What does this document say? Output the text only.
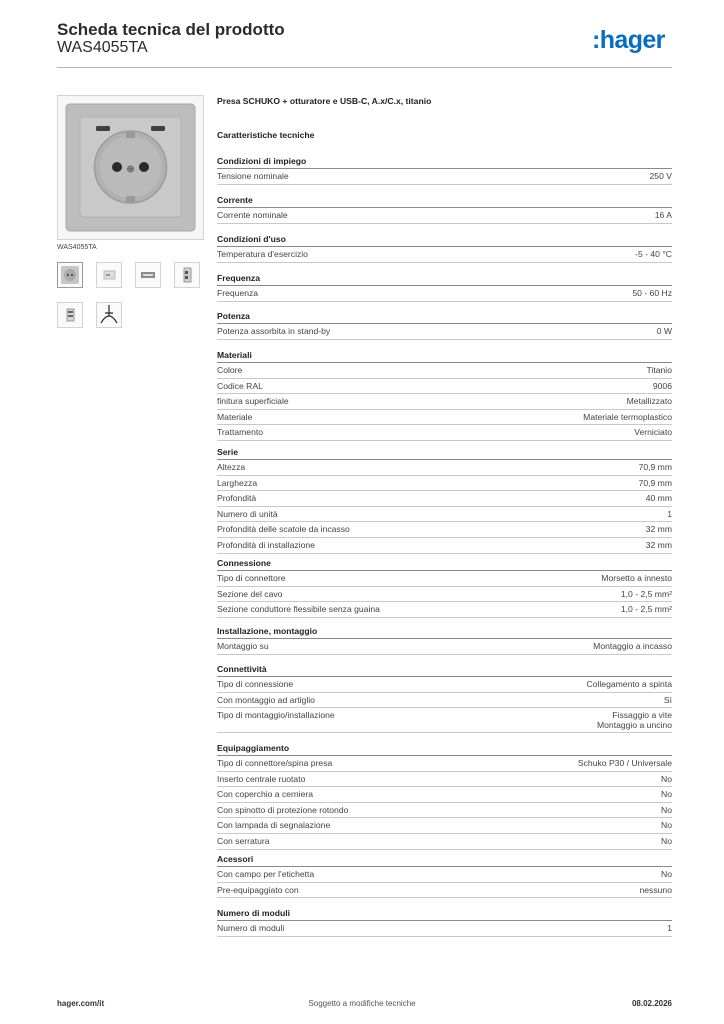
Scheda tecnica del prodotto
WAS4055TA	:hager
WAS4055TA
Presa SCHUKO + otturatore e USB-C, A.x/C.x, titanio
Caratteristiche tecniche
Condizioni di impiego
Tensione nominale	250 V
Corrente
Corrente nominale	16 A
Condizioni d'uso
Temperatura d'esercizio	-5 - 40 °C
Frequenza
Frequenza	50 - 60 Hz
Potenza
Potenza assorbita in stand-by	0 W
Materiali
Colore	Titanio
Codice RAL	9006
finitura superficiale	Metallizzato
Materiale	Materiale termoplastico
Trattamento	Verniciato
Serie
Altezza	70,9 mm
Larghezza	70,9 mm
Profondità	40 mm
Numero di unità	1
Profondità delle scatole da incasso	32 mm
Profondità di installazione	32 mm
Connessione
Tipo di connettore	Morsetto a innesto
Sezione del cavo	1,0 - 2,5 mm²
Sezione conduttore flessibile senza guaina	1,0 - 2,5 mm²
Installazione, montaggio
Montaggio su	Montaggio a incasso
Connettività
Tipo di connessione	Collegamento a spinta
Con montaggio ad artiglio	Sì
Tipo di montaggio/installazione	Fissaggio a vite
Montaggio a uncino
Equipaggiamento
Tipo di connettore/spina presa	Schuko P30 / Universale
Inserto centrale ruotato	No
Con coperchio a cerniera	No
Con spinotto di protezione rotondo	No
Con lampada di segnalazione	No
Con serratura	No
Acessori
Con campo per l'etichetta	No
Pre-equipaggiato con	nessuno
Numero di moduli
Numero di moduli	1
hager.com/it	Soggetto a modifiche tecniche	08.02.2026
